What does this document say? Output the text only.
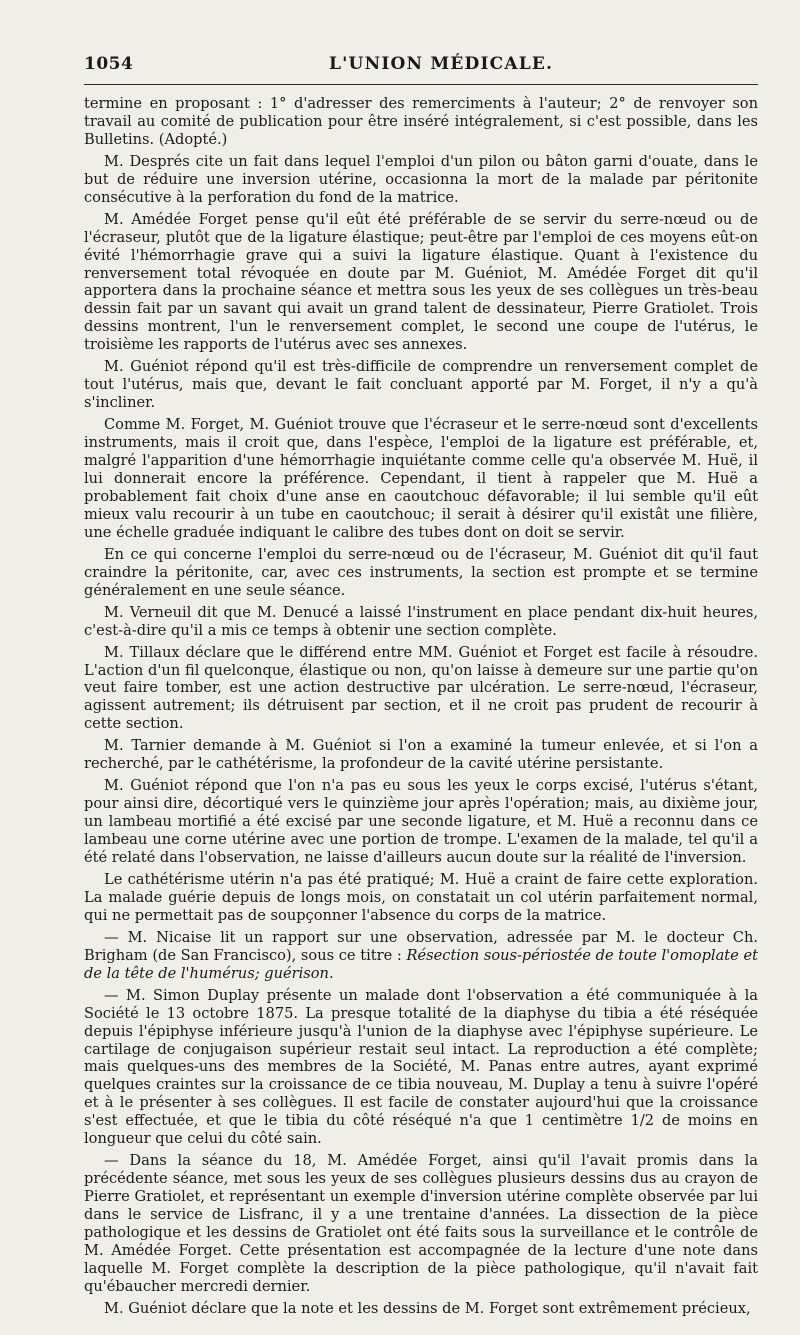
1054	L'UNION MÉDICALE.

termine en proposant : 1° d'adresser des remerciments à l'auteur; 2° de renvoyer son travail au comité de publication pour être inséré intégralement, si c'est possible, dans les Bulletins. (Adopté.)

M. Després cite un fait dans lequel l'emploi d'un pilon ou bâton garni d'ouate, dans le but de réduire une inversion utérine, occasionna la mort de la malade par péritonite consécutive à la perforation du fond de la matrice.

M. Amédée Forget pense qu'il eût été préférable de se servir du serre-nœud ou de l'écraseur, plutôt que de la ligature élastique; peut-être par l'emploi de ces moyens eût-on évité l'hémorrhagie grave qui a suivi la ligature élastique. Quant à l'existence du renversement total révoquée en doute par M. Guéniot, M. Amédée Forget dit qu'il apportera dans la prochaine séance et mettra sous les yeux de ses collègues un très-beau dessin fait par un savant qui avait un grand talent de dessinateur, Pierre Gratiolet. Trois dessins montrent, l'un le renversement complet, le second une coupe de l'utérus, le troisième les rapports de l'utérus avec ses annexes.

M. Guéniot répond qu'il est très-difficile de comprendre un renversement complet de tout l'utérus, mais que, devant le fait concluant apporté par M. Forget, il n'y a qu'à s'incliner.

Comme M. Forget, M. Guéniot trouve que l'écraseur et le serre-nœud sont d'excellents instruments, mais il croit que, dans l'espèce, l'emploi de la ligature est préférable, et, malgré l'apparition d'une hémorrhagie inquiétante comme celle qu'a observée M. Huë, il lui donnerait encore la préférence. Cependant, il tient à rappeler que M. Huë a probablement fait choix d'une anse en caoutchouc défavorable; il lui semble qu'il eût mieux valu recourir à un tube en caoutchouc; il serait à désirer qu'il existât une filière, une échelle graduée indiquant le calibre des tubes dont on doit se servir.

En ce qui concerne l'emploi du serre-nœud ou de l'écraseur, M. Guéniot dit qu'il faut craindre la péritonite, car, avec ces instruments, la section est prompte et se termine généralement en une seule séance.

M. Verneuil dit que M. Denucé a laissé l'instrument en place pendant dix-huit heures, c'est-à-dire qu'il a mis ce temps à obtenir une section complète.

M. Tillaux déclare que le différend entre MM. Guéniot et Forget est facile à résoudre. L'action d'un fil quelconque, élastique ou non, qu'on laisse à demeure sur une partie qu'on veut faire tomber, est une action destructive par ulcération. Le serre-nœud, l'écraseur, agissent autrement; ils détruisent par section, et il ne croit pas prudent de recourir à cette section.

M. Tarnier demande à M. Guéniot si l'on a examiné la tumeur enlevée, et si l'on a recherché, par le cathétérisme, la profondeur de la cavité utérine persistante.

M. Guéniot répond que l'on n'a pas eu sous les yeux le corps excisé, l'utérus s'étant, pour ainsi dire, décortiqué vers le quinzième jour après l'opération; mais, au dixième jour, un lambeau mortifié a été excisé par une seconde ligature, et M. Huë a reconnu dans ce lambeau une corne utérine avec une portion de trompe. L'examen de la malade, tel qu'il a été relaté dans l'observation, ne laisse d'ailleurs aucun doute sur la réalité de l'inversion.

Le cathétérisme utérin n'a pas été pratiqué; M. Huë a craint de faire cette exploration. La malade guérie depuis de longs mois, on constatait un col utérin parfaitement normal, qui ne permettait pas de soupçonner l'absence du corps de la matrice.

— M. Nicaise lit un rapport sur une observation, adressée par M. le docteur Ch. Brigham (de San Francisco), sous ce titre : Résection sous-périostée de toute l'omoplate et de la tête de l'humérus; guérison.

— M. Simon Duplay présente un malade dont l'observation a été communiquée à la Société le 13 octobre 1875. La presque totalité de la diaphyse du tibia a été réséquée depuis l'épiphyse inférieure jusqu'à l'union de la diaphyse avec l'épiphyse supérieure. Le cartilage de conjugaison supérieur restait seul intact. La reproduction a été complète; mais quelques-uns des membres de la Société, M. Panas entre autres, ayant exprimé quelques craintes sur la croissance de ce tibia nouveau, M. Duplay a tenu à suivre l'opéré et à le présenter à ses collègues. Il est facile de constater aujourd'hui que la croissance s'est effectuée, et que le tibia du côté réséqué n'a que 1 centimètre 1/2 de moins en longueur que celui du côté sain.

— Dans la séance du 18, M. Amédée Forget, ainsi qu'il l'avait promis dans la précédente séance, met sous les yeux de ses collègues plusieurs dessins dus au crayon de Pierre Gratiolet, et représentant un exemple d'inversion utérine complète observée par lui dans le service de Lisfranc, il y a une trentaine d'années. La dissection de la pièce pathologique et les dessins de Gratiolet ont été faits sous la surveillance et le contrôle de M. Amédée Forget. Cette présentation est accompagnée de la lecture d'une note dans laquelle M. Forget complète la description de la pièce pathologique, qu'il n'avait fait qu'ébaucher mercredi dernier.

M. Guéniot déclare que la note et les dessins de M. Forget sont extrêmement précieux,
